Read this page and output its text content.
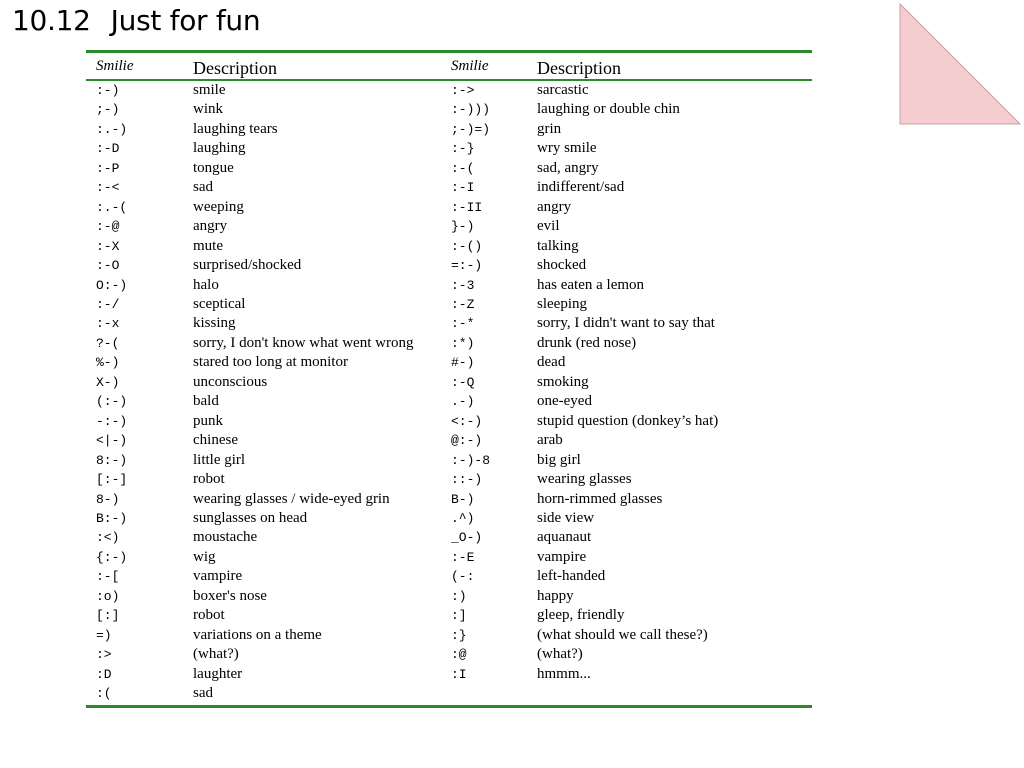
10.12 Just for fun
Smilie	Description	Smilie	Description
:-)	smile	:->	sarcastic
;-)	wink	:-)))	laughing or double chin
:.-)	laughing tears	;-)=)	grin
:-D	laughing	:-}	wry smile
:-P	tongue	:-(	sad, angry
:-<	sad	:-I	indifferent/sad
:.-(	weeping	:-II	angry
:-@	angry	}-)	evil
:-X	mute	:-()	talking
:-O	surprised/shocked	=:-)	shocked
O:-)	halo	:-3	has eaten a lemon
:-/	sceptical	:-Z	sleeping
:-x	kissing	:-*	sorry, I didn't want to say that
?-(	sorry, I don't know what went wrong	:*)	drunk (red nose)
%-)	stared too long at monitor	#-)	dead
X-)	unconscious	:-Q	smoking
(:-)	bald	.-)	one-eyed
-:-)	punk	<:-)	stupid question (donkey’s hat)
<|-)	chinese	@:-)	arab
8:-)	little girl	:-)-8	big girl
[:-]	robot	::-)	wearing glasses
8-)	wearing glasses / wide-eyed grin	B-)	horn-rimmed glasses
B:-)	sunglasses on head	.^)	side view
:<)	moustache	_O-)	aquanaut
{:-)	wig	:-E	vampire
:-[	vampire	(-:	left-handed
:o)	boxer's nose	:)	happy
[:]	robot	:]	gleep, friendly
=)	variations on a theme	:}	(what should we call these?)
:>	(what?)	:@	(what?)
:D	laughter	:I	hmmm...
:(	sad		
